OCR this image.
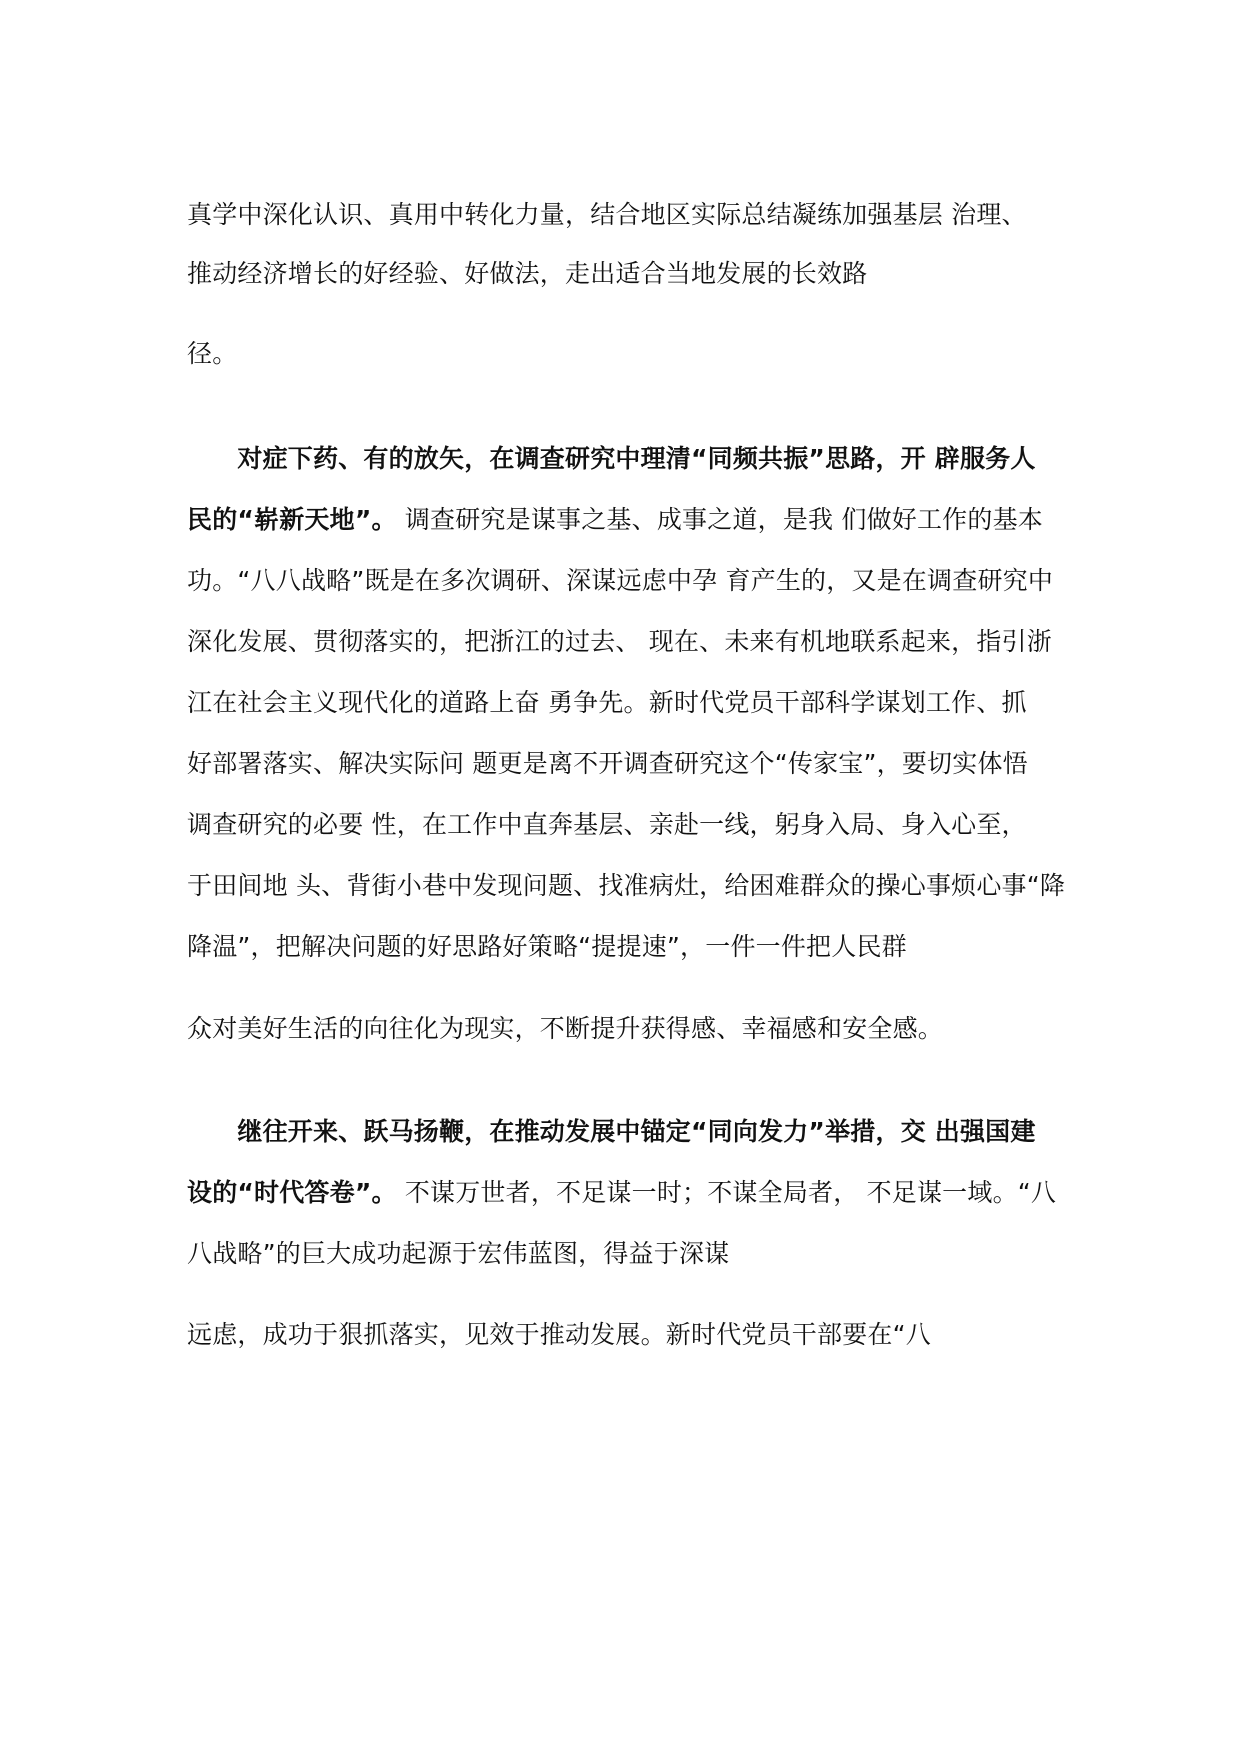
真学中深化认识、真用中转化力量，结合地区实际总结凝练加强基层 治理、
推动经济增长的好经验、好做法，走出适合当地发展的长效路
径。
　　对症下药、有的放矢，在调查研究中理清“同频共振”思路，开 辟服务人
民的“崭新天地”。 调查研究是谋事之基、成事之道，是我 们做好工作的基本
功。“八八战略”既是在多次调研、深谋远虑中孕 育产生的，又是在调查研究中
深化发展、贯彻落实的，把浙江的过去、 现在、未来有机地联系起来，指引浙
江在社会主义现代化的道路上奋 勇争先。新时代党员干部科学谋划工作、抓
好部署落实、解决实际问 题更是离不开调查研究这个“传家宝”，要切实体悟
调查研究的必要 性，在工作中直奔基层、亲赴一线，躬身入局、身入心至，
于田间地 头、背街小巷中发现问题、找准病灶，给困难群众的操心事烦心事“降
降温”，把解决问题的好思路好策略“提提速”，一件一件把人民群
众对美好生活的向往化为现实，不断提升获得感、幸福感和安全感。
　　继往开来、跃马扬鞭，在推动发展中锚定“同向发力”举措，交 出强国建
设的“时代答卷”。 不谋万世者，不足谋一时；不谋全局者， 不足谋一域。“八
八战略”的巨大成功起源于宏伟蓝图，得益于深谋
远虑，成功于狠抓落实，见效于推动发展。新时代党员干部要在“八
